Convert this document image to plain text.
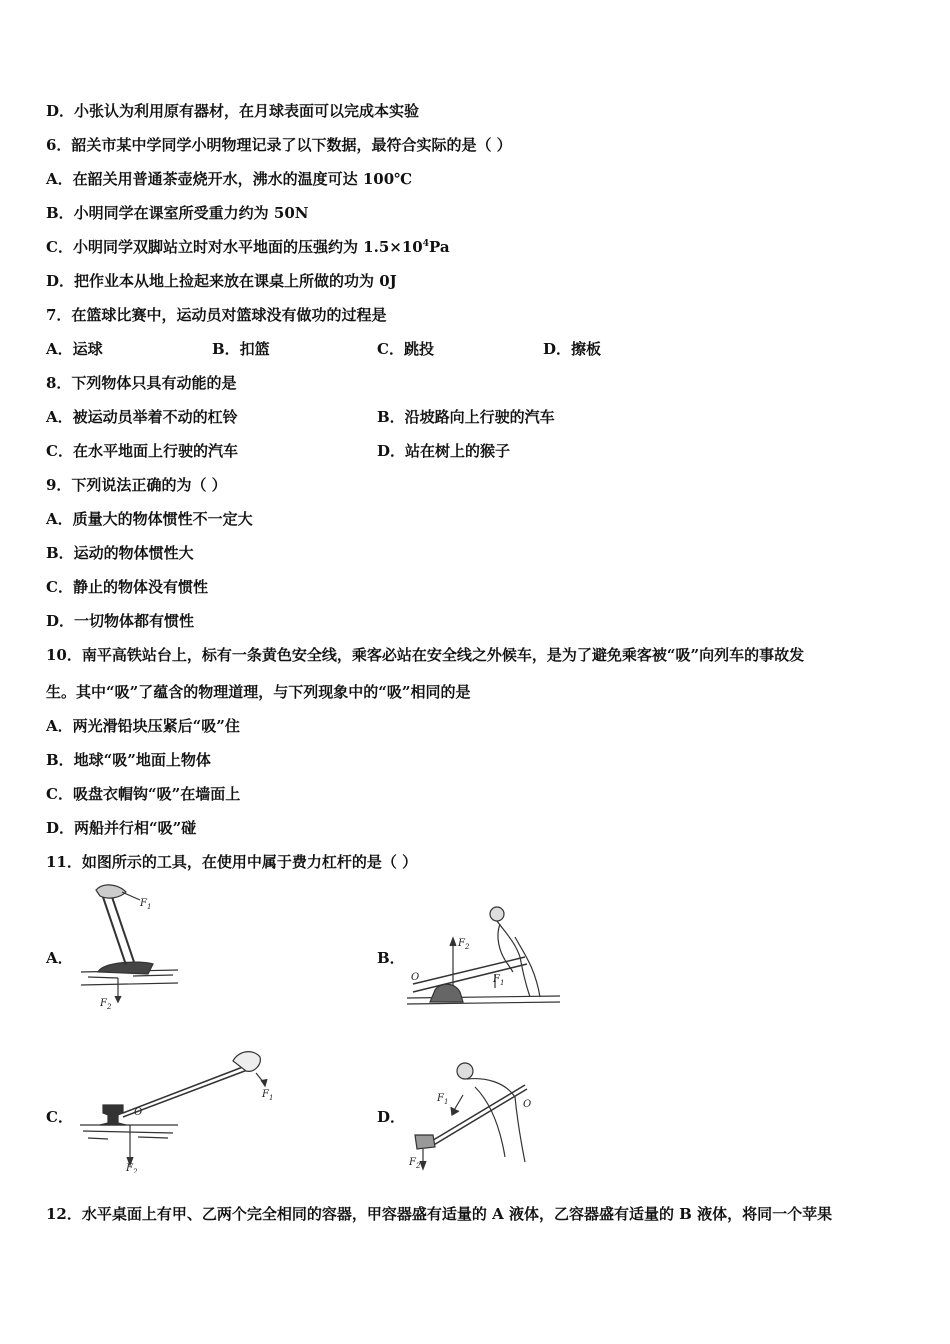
D．小张认为利用原有器材，在月球表面可以完成本实验
6．韶关市某中学同学小明物理记录了以下数据，最符合实际的是（ ）
A．在韶关用普通茶壶烧开水，沸水的温度可达 100℃
B．小明同学在课室所受重力约为 50N
C．小明同学双脚站立时对水平地面的压强约为 $1.5\times 10^4Pa$
D．把作业本从地上捡起来放在课桌上所做的功为 0J
7．在篮球比赛中，运动员对篮球没有做功的过程是
A．运球	B．扣篮	C．跳投	D．擦板
8．下列物体只具有动能的是
A．被运动员举着不动的杠铃	B．沿坡路向上行驶的汽车
C．在水平地面上行驶的汽车	D．站在树上的猴子
9．下列说法正确的为（ ）
A．质量大的物体惯性不一定大
B．运动的物体惯性大
C．静止的物体没有惯性
D．一切物体都有惯性
10．南平高铁站台上，标有一条黄色安全线，乘客必站在安全线之外候车，是为了避免乘客被“吸”向列车的事故发
生。其中“吸”了蕴含的物理道理，与下列现象中的“吸”相同的是
A．两光滑铅块压紧后“吸”住
B．地球“吸”地面上物体
C．吸盘衣帽钩“吸”在墙面上
D．两船并行相“吸”碰
11．如图所示的工具，在使用中属于费力杠杆的是（ ）
A．
$F_1$
$F_2$
B．
$F_2$
$F_1$
O
C．	O
$F_1$
$F_2$
D．
$F_1$
$F_2$
O
12．水平桌面上有甲、乙两个完全相同的容器，甲容器盛有适量的 A 液体，乙容器盛有适量的 B 液体，将同一个苹果
